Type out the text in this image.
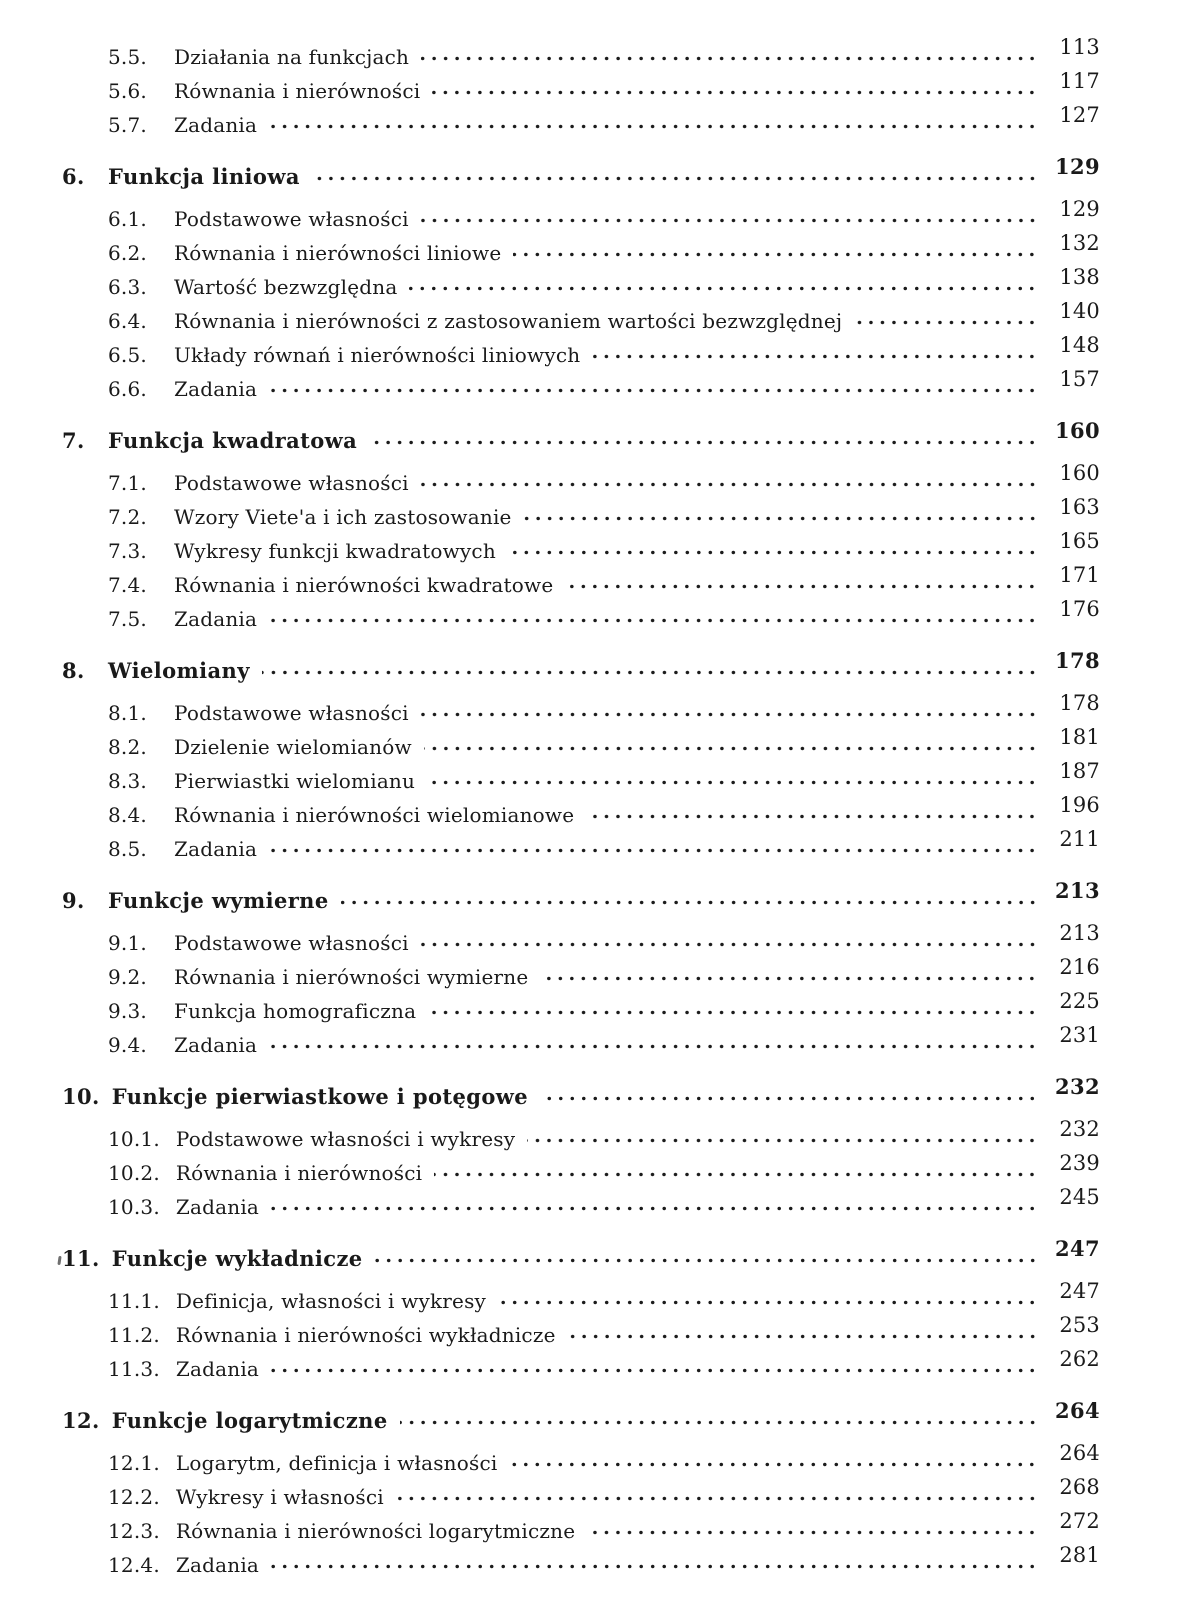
5.5.	Działania na funkcjach	113
5.6.	Równania i nierówności	117
5.7.	Zadania	127
6.	Funkcja liniowa	129
6.1.	Podstawowe własności	129
6.2.	Równania i nierówności liniowe	132
6.3.	Wartość bezwzględna	138
6.4.	Równania i nierówności z zastosowaniem wartości bezwzględnej	140
6.5.	Układy równań i nierówności liniowych	148
6.6.	Zadania	157
7.	Funkcja kwadratowa	160
7.1.	Podstawowe własności	160
7.2.	Wzory Viete'a i ich zastosowanie	163
7.3.	Wykresy funkcji kwadratowych	165
7.4.	Równania i nierówności kwadratowe	171
7.5.	Zadania	176
8.	Wielomiany	178
8.1.	Podstawowe własności	178
8.2.	Dzielenie wielomianów	181
8.3.	Pierwiastki wielomianu	187
8.4.	Równania i nierówności wielomianowe	196
8.5.	Zadania	211
9.	Funkcje wymierne	213
9.1.	Podstawowe własności	213
9.2.	Równania i nierówności wymierne	216
9.3.	Funkcja homograficzna	225
9.4.	Zadania	231
10. Funkcje pierwiastkowe i potęgowe	232
10.1. Podstawowe własności i wykresy	232
10.2. Równania i nierówności	239
10.3. Zadania	245
11. Funkcje wykładnicze	247
11.1. Definicja, własności i wykresy	247
11.2. Równania i nierówności wykładnicze	253
11.3. Zadania	262
12. Funkcje logarytmiczne	264
12.1. Logarytm, definicja i własności	264
12.2. Wykresy i własności	268
12.3. Równania i nierówności logarytmiczne	272
12.4. Zadania	281
